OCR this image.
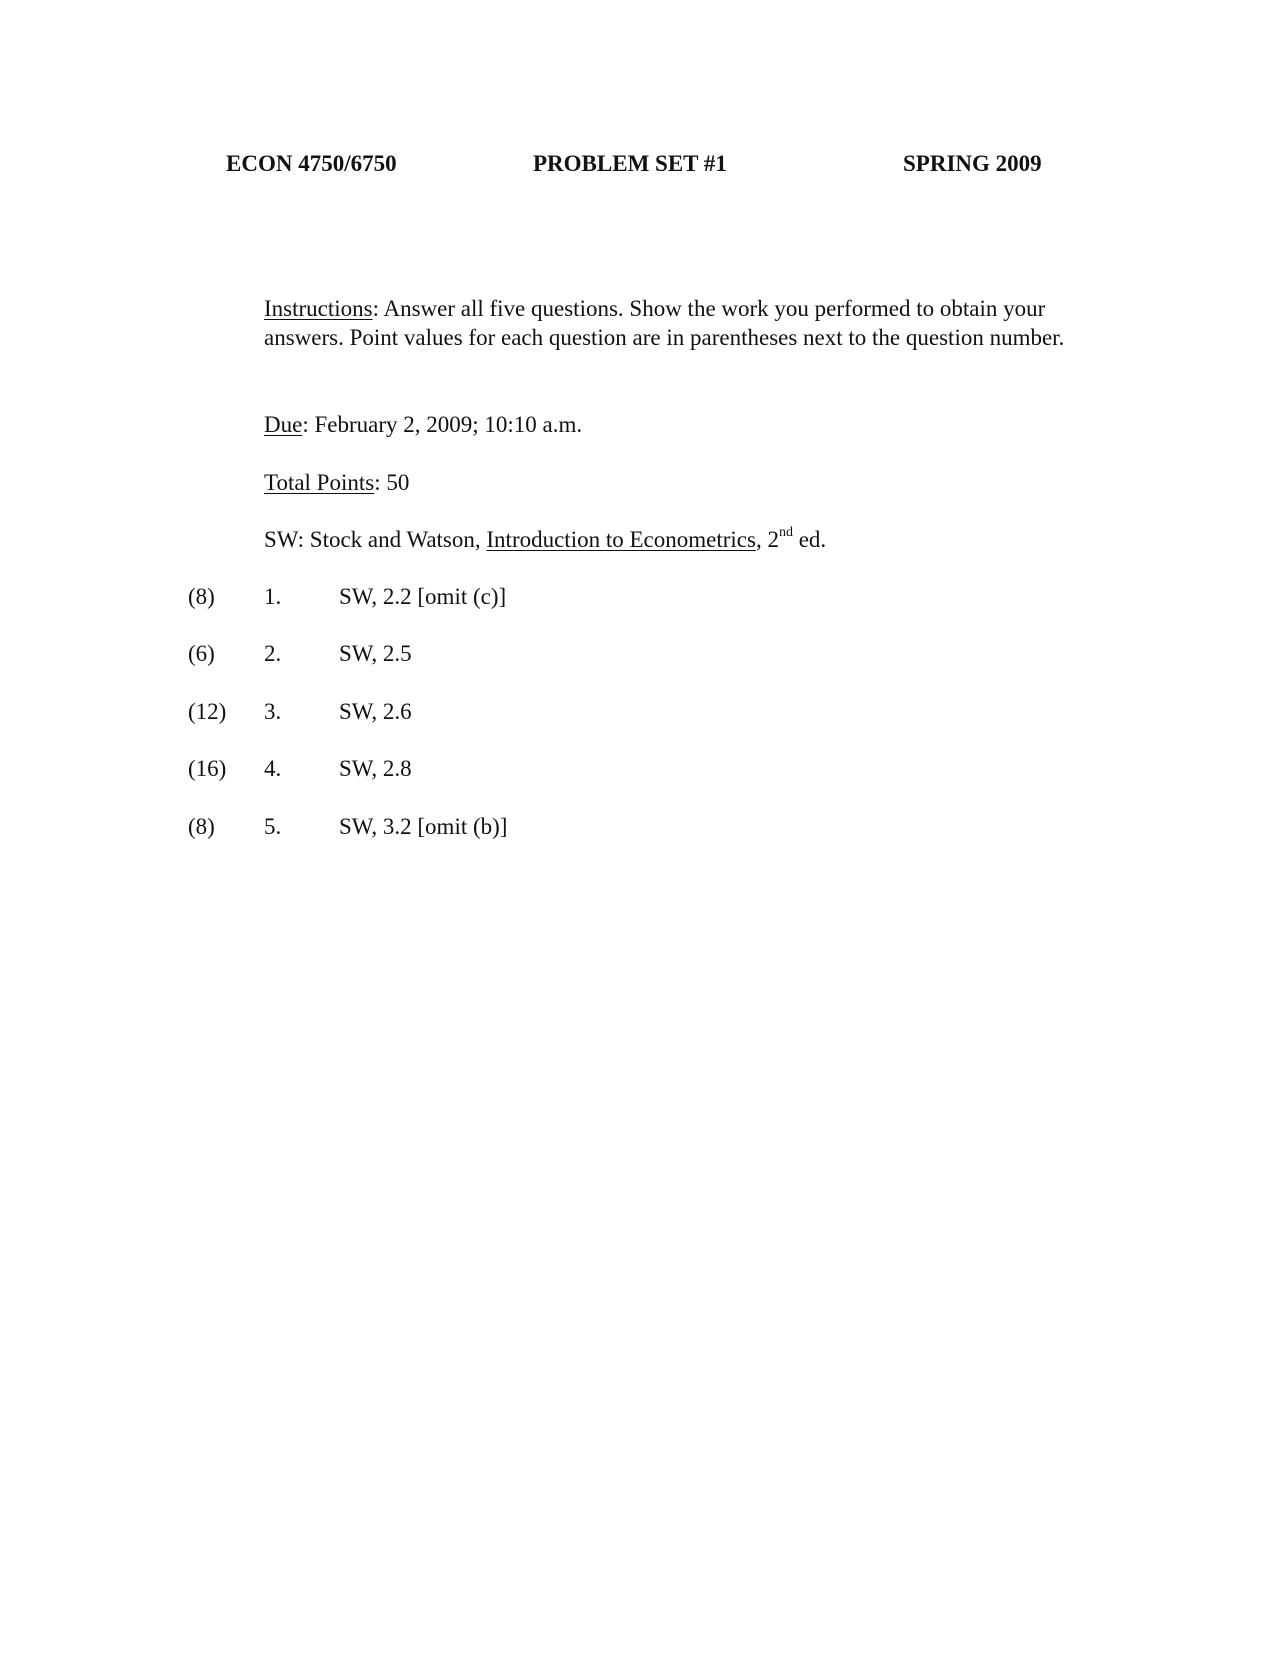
ECON 4750/6750	PROBLEM SET #1	SPRING 2009
Instructions: Answer all five questions. Show the work you performed to obtain your answers. Point values for each question are in parentheses next to the question number.
Due: February 2, 2009; 10:10 a.m.
Total Points: 50
SW: Stock and Watson, Introduction to Econometrics, 2nd ed.
(8) 1.	SW, 2.2 [omit (c)]
(6) 2.	SW, 2.5
(12) 3.	SW, 2.6
(16) 4.	SW, 2.8
(8) 5.	SW, 3.2 [omit (b)]
